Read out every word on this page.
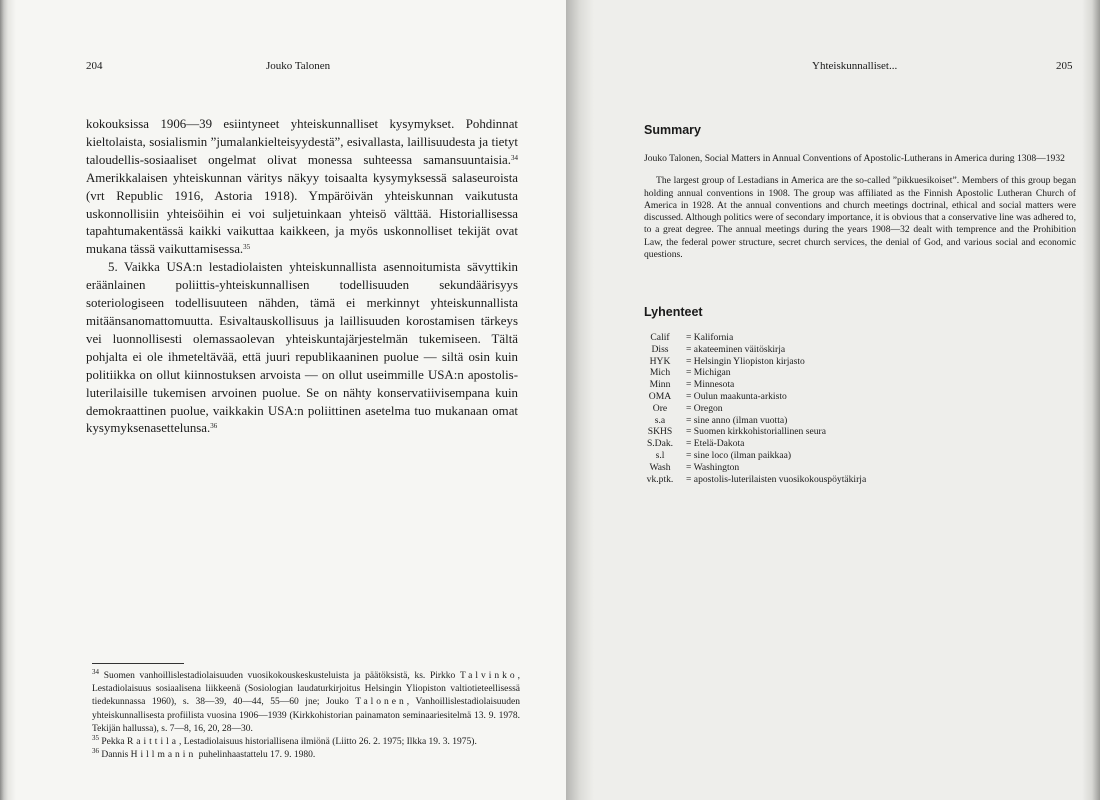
204	Jouko Talonen

kokouksissa 1906—39 esiintyneet yhteiskunnalliset kysymykset. Pohdinnat kieltolaista, sosialismin ”jumalankielteisyydestä”, esivallasta, laillisuudesta ja tietyt taloudellis-sosiaaliset ongelmat olivat monessa suhteessa samansuuntaisia.$^{34}$ Amerikkalaisen yhteiskunnan väritys näkyy toisaalta kysymyksessä salaseuroista (vrt Republic 1916, Astoria 1918). Ympäröivän yhteiskunnan vaikutusta uskonnollisiin yhteisöihin ei voi suljetuinkaan yhteisö välttää. Historiallisessa tapahtumakentässä kaikki vaikuttaa kaikkeen, ja myös uskonnolliset tekijät ovat mukana tässä vaikuttamisessa.$^{35}$

5. Vaikka USA:n lestadiolaisten yhteiskunnallista asennoitumista sävyttikin eräänlainen poliittis-yhteiskunnallisen todellisuuden sekundäärisyys soteriologiseen todellisuuteen nähden, tämä ei merkinnyt yhteiskunnallista mitäänsanomattomuutta. Esivaltauskollisuus ja laillisuuden korostamisen tärkeys vei luonnollisesti olemassaolevan yhteiskuntajärjestelmän tukemiseen. Tältä pohjalta ei ole ihmeteltävää, että juuri republikaaninen puolue — siltä osin kuin politiikka on ollut kiinnostuksen arvoista — on ollut useimmille USA:n apostolis-luterilaisille tukemisen arvoinen puolue. Se on nähty konservatiivisempana kuin demokraattinen puolue, vaikkakin USA:n poliittinen asetelma tuo mukanaan omat kysymyksenasettelunsa.$^{36}$

$^{34}$ Suomen vanhoillislestadiolaisuuden vuosikokouskeskusteluista ja päätöksistä, ks. Pirkko Talvinko, Lestadiolaisuus sosiaalisena liikkeenä (Sosiologian laudaturkirjoitus Helsingin Yliopiston valtiotieteellisessä tiedekunnassa 1960), s. 38—39, 40—44, 55—60 jne; Jouko Talonen, Vanhoillislestadiolaisuuden yhteiskunnallisesta profiilista vuosina 1906—1939 (Kirkkohistorian painamaton seminaariesitelmä 13. 9. 1978. Tekijän hallussa), s. 7—8, 16, 20, 28—30.

$^{35}$ Pekka Raittila, Lestadiolaisuus historiallisena ilmiönä (Liitto 26. 2. 1975; Ilkka 19. 3. 1975).

$^{36}$ Dannis Hillmanin puhelinhaastattelu 17. 9. 1980.

Yhteiskunnalliset...	205
Summary

Jouko Talonen, Social Matters in Annual Conventions of Apostolic-Lutherans in America during 1308—1932

The largest group of Lestadians in America are the so-called ”pikkuesikoiset”. Members of this group began holding annual conventions in 1908. The group was affiliated as the Finnish Apostolic Lutheran Church of America in 1928. At the annual conventions and church meetings doctrinal, ethical and social matters were discussed. Although politics were of secondary importance, it is obvious that a conservative line was adhered to, to a great degree. The annual meetings during the years 1908—32 dealt with temprence and the Prohibition Law, the federal power structure, secret church services, the denial of God, and various social and economic questions.

Lyhenteet
Calif	= Kalifornia
Diss	= akateeminen väitöskirja
HYK	= Helsingin Yliopiston kirjasto
Mich	= Michigan
Minn	= Minnesota
OMA	= Oulun maakunta-arkisto
Ore	= Oregon
s.a	= sine anno (ilman vuotta)
SKHS	= Suomen kirkkohistoriallinen seura
S.Dak.	= Etelä-Dakota
s.l	= sine loco (ilman paikkaa)
Wash	= Washington
vk.ptk.	= apostolis-luterilaisten vuosikokouspöytäkirja
